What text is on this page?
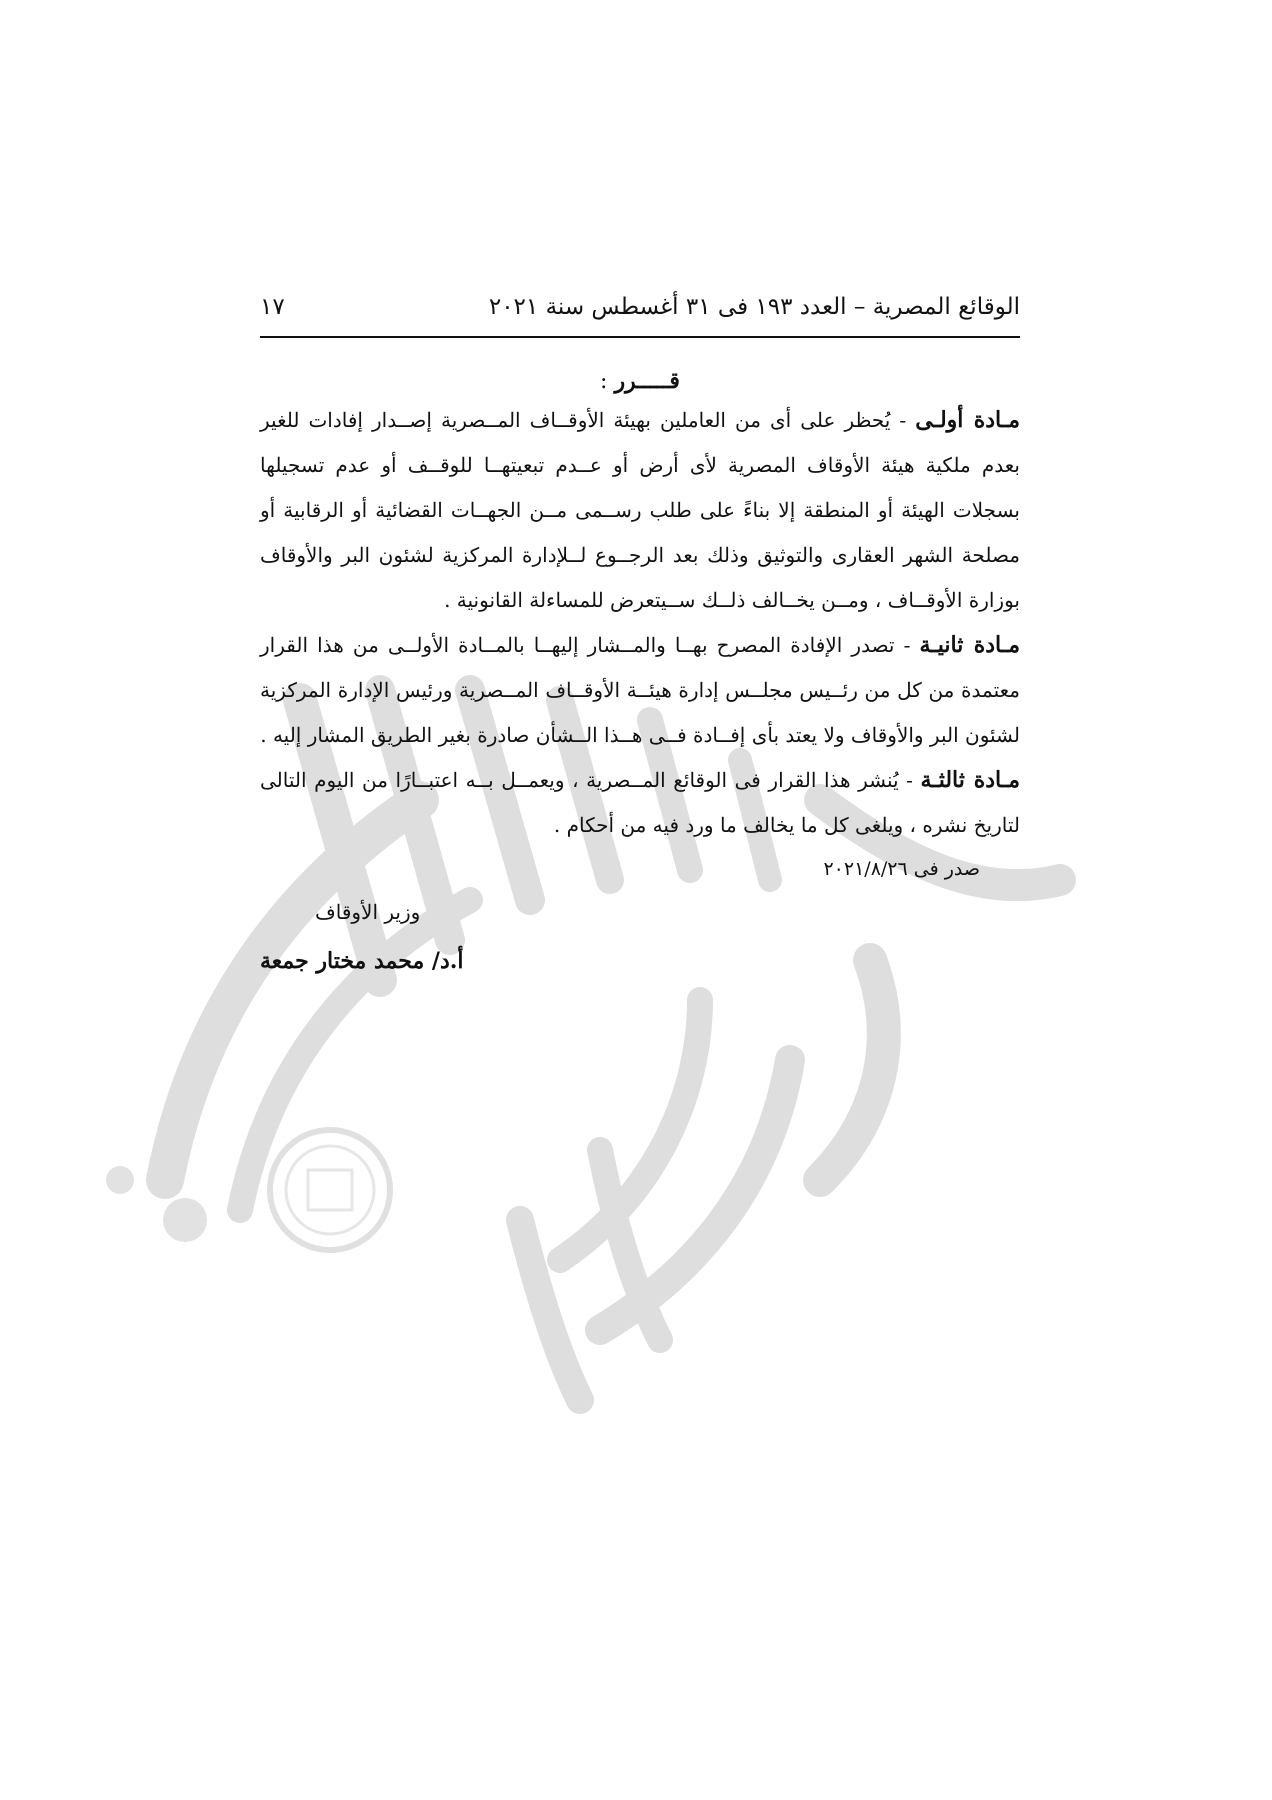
الوقائع المصرية – العدد ١٩٣ فى ٣١ أغسطس سنة ٢٠٢١
١٧
قـــــرر :

مـادة أولـى - يُحظر على أى من العاملين بهيئة الأوقــاف المــصرية إصــدار إفادات للغير بعدم ملكية هيئة الأوقاف المصرية لأى أرض أو عــدم تبعيتهــا للوقــف أو عدم تسجيلها بسجلات الهيئة أو المنطقة إلا بناءً على طلب رســمى مــن الجهــات القضائية أو الرقابية أو مصلحة الشهر العقارى والتوثيق وذلك بعد الرجــوع لــلإدارة المركزية لشئون البر والأوقاف بوزارة الأوقــاف ، ومــن يخــالف ذلــك ســيتعرض للمساءلة القانونية .

مـادة ثانيـة - تصدر الإفادة المصرح بهــا والمــشار إليهــا بالمــادة الأولــى من هذا القرار معتمدة من كل من رئــيس مجلــس إدارة هيئــة الأوقــاف المــصرية ورئيس الإدارة المركزية لشئون البر والأوقاف ولا يعتد بأى إفــادة فــى هــذا الــشأن صادرة بغير الطريق المشار إليه .

مـادة ثالثـة - يُنشر هذا القرار فى الوقائع المــصرية ، ويعمــل بــه اعتبــارًا من اليوم التالى لتاريخ نشره ، ويلغى كل ما يخالف ما ورد فيه من أحكام .

صدر فى ٢٠٢١/٨/٢٦
وزير الأوقاف
أ.د/ محمد مختار جمعة
